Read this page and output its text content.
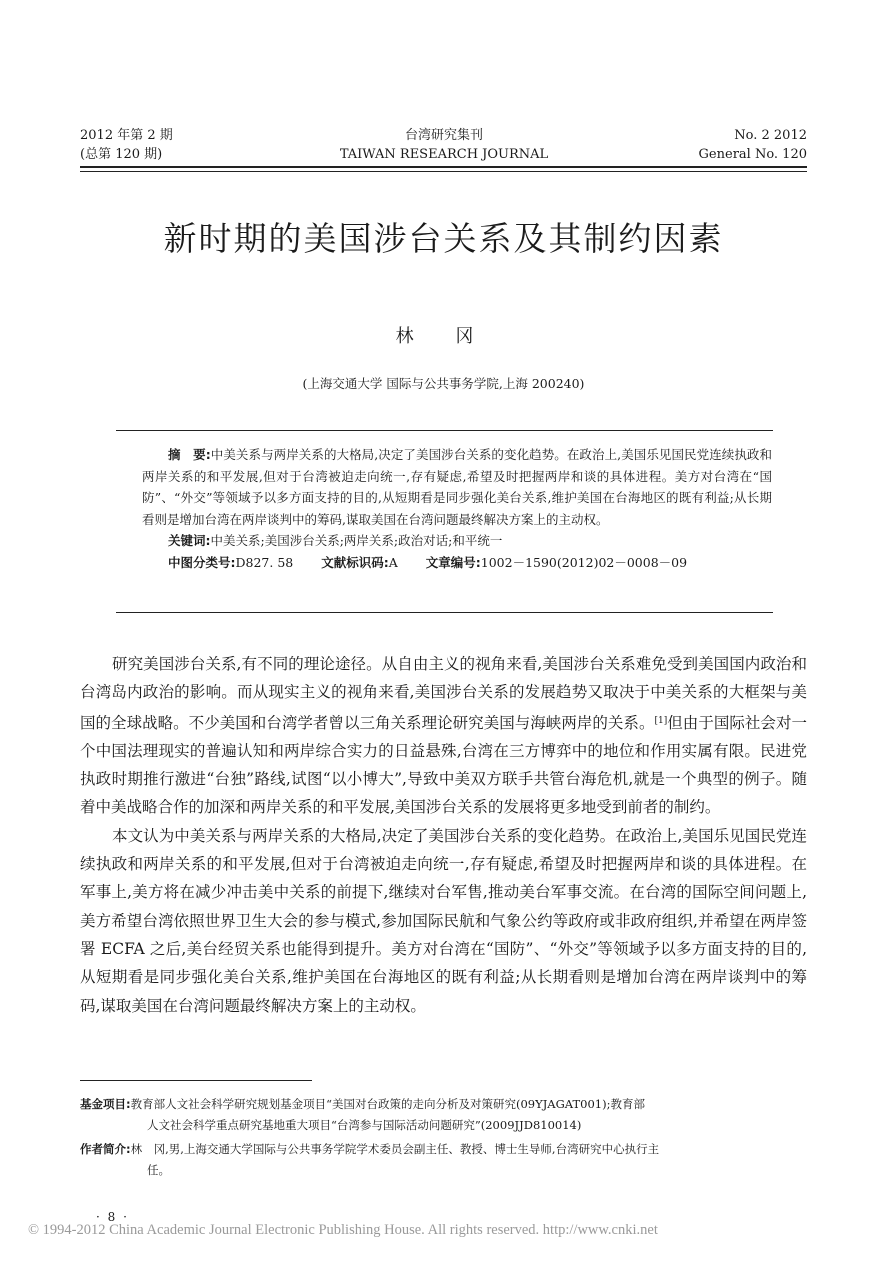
2012 年第 2 期
(总第 120 期)
台湾研究集刊
TAIWAN RESEARCH JOURNAL
No. 2 2012
General No. 120
新时期的美国涉台关系及其制约因素
林 冈
(上海交通大学 国际与公共事务学院,上海 200240)
摘　要:中美关系与两岸关系的大格局,决定了美国涉台关系的变化趋势。在政治上,美国乐见国民党连续执政和两岸关系的和平发展,但对于台湾被迫走向统一,存有疑虑,希望及时把握两岸和谈的具体进程。美方对台湾在“国防”、“外交”等领域予以多方面支持的目的,从短期看是同步强化美台关系,维护美国在台海地区的既有利益;从长期看则是增加台湾在两岸谈判中的筹码,谋取美国在台湾问题最终解决方案上的主动权。
关键词:中美关系;美国涉台关系;两岸关系;政治对话;和平统一
中图分类号:D827. 58 文献标识码:A 文章编号:1002－1590(2012)02－0008－09

研究美国涉台关系,有不同的理论途径。从自由主义的视角来看,美国涉台关系难免受到美国国内政治和台湾岛内政治的影响。而从现实主义的视角来看,美国涉台关系的发展趋势又取决于中美关系的大框架与美国的全球战略。不少美国和台湾学者曾以三角关系理论研究美国与海峡两岸的关系。[1]但由于国际社会对一个中国法理现实的普遍认知和两岸综合实力的日益悬殊,台湾在三方博弈中的地位和作用实属有限。民进党执政时期推行激进“台独”路线,试图“以小博大”,导致中美双方联手共管台海危机,就是一个典型的例子。随着中美战略合作的加深和两岸关系的和平发展,美国涉台关系的发展将更多地受到前者的制约。

本文认为中美关系与两岸关系的大格局,决定了美国涉台关系的变化趋势。在政治上,美国乐见国民党连续执政和两岸关系的和平发展,但对于台湾被迫走向统一,存有疑虑,希望及时把握两岸和谈的具体进程。在军事上,美方将在减少冲击美中关系的前提下,继续对台军售,推动美台军事交流。在台湾的国际空间问题上,美方希望台湾依照世界卫生大会的参与模式,参加国际民航和气象公约等政府或非政府组织,并希望在两岸签署 ECFA 之后,美台经贸关系也能得到提升。美方对台湾在“国防”、“外交”等领域予以多方面支持的目的,从短期看是同步强化美台关系,维护美国在台海地区的既有利益;从长期看则是增加台湾在两岸谈判中的筹码,谋取美国在台湾问题最终解决方案上的主动权。

基金项目:教育部人文社会科学研究规划基金项目“美国对台政策的走向分析及对策研究(09YJAGAT001);教育部
人文社会科学重点研究基地重大项目“台湾参与国际活动问题研究”(2009JJD810014)
作者简介:林　冈,男,上海交通大学国际与公共事务学院学术委员会副主任、教授、博士生导师,台湾研究中心执行主
任。
· 8 ·
© 1994-2012 China Academic Journal Electronic Publishing House. All rights reserved. http://www.cnki.net
